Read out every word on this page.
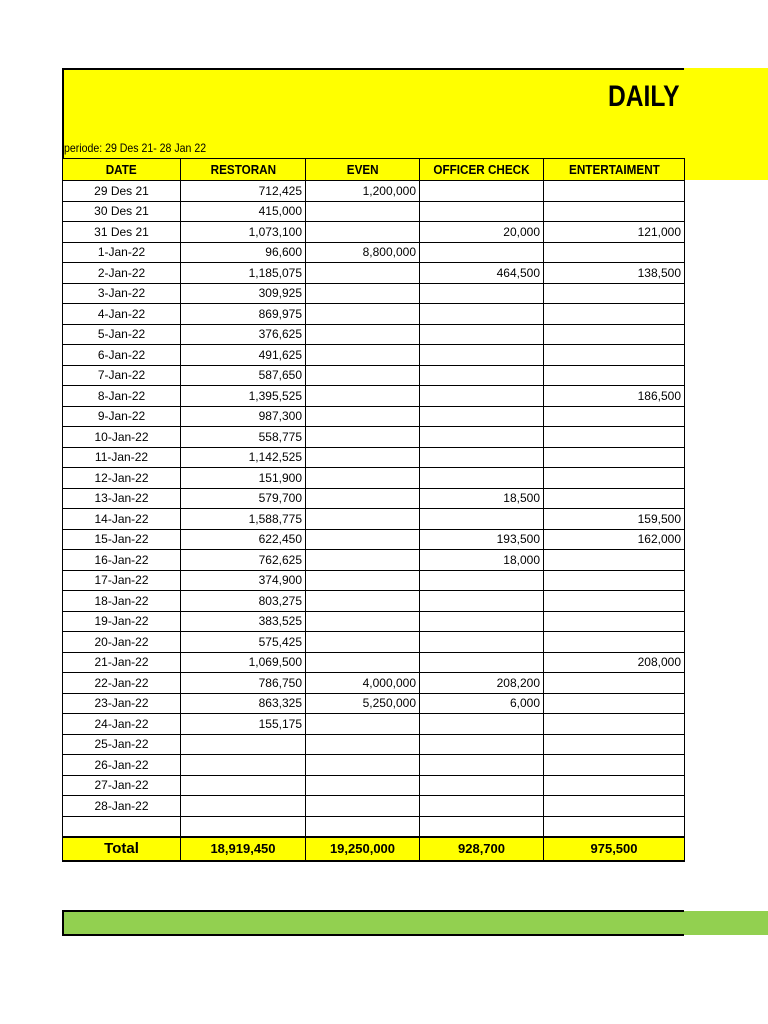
DAILY
periode: 29 Des 21- 28 Jan 22
DATE	RESTORAN	EVEN	OFFICER CHECK	ENTERTAIMENT
29 Des 21	712,425	1,200,000		
30 Des 21	415,000			
31 Des 21	1,073,100		20,000	121,000
1-Jan-22	96,600	8,800,000		
2-Jan-22	1,185,075		464,500	138,500
3-Jan-22	309,925			
4-Jan-22	869,975			
5-Jan-22	376,625			
6-Jan-22	491,625			
7-Jan-22	587,650			
8-Jan-22	1,395,525			186,500
9-Jan-22	987,300			
10-Jan-22	558,775			
11-Jan-22	1,142,525			
12-Jan-22	151,900			
13-Jan-22	579,700		18,500	
14-Jan-22	1,588,775			159,500
15-Jan-22	622,450		193,500	162,000
16-Jan-22	762,625		18,000	
17-Jan-22	374,900			
18-Jan-22	803,275			
19-Jan-22	383,525			
20-Jan-22	575,425			
21-Jan-22	1,069,500			208,000
22-Jan-22	786,750	4,000,000	208,200	
23-Jan-22	863,325	5,250,000	6,000	
24-Jan-22	155,175			
25-Jan-22				
26-Jan-22				
27-Jan-22				
28-Jan-22				

Total	18,919,450	19,250,000	928,700	975,500
